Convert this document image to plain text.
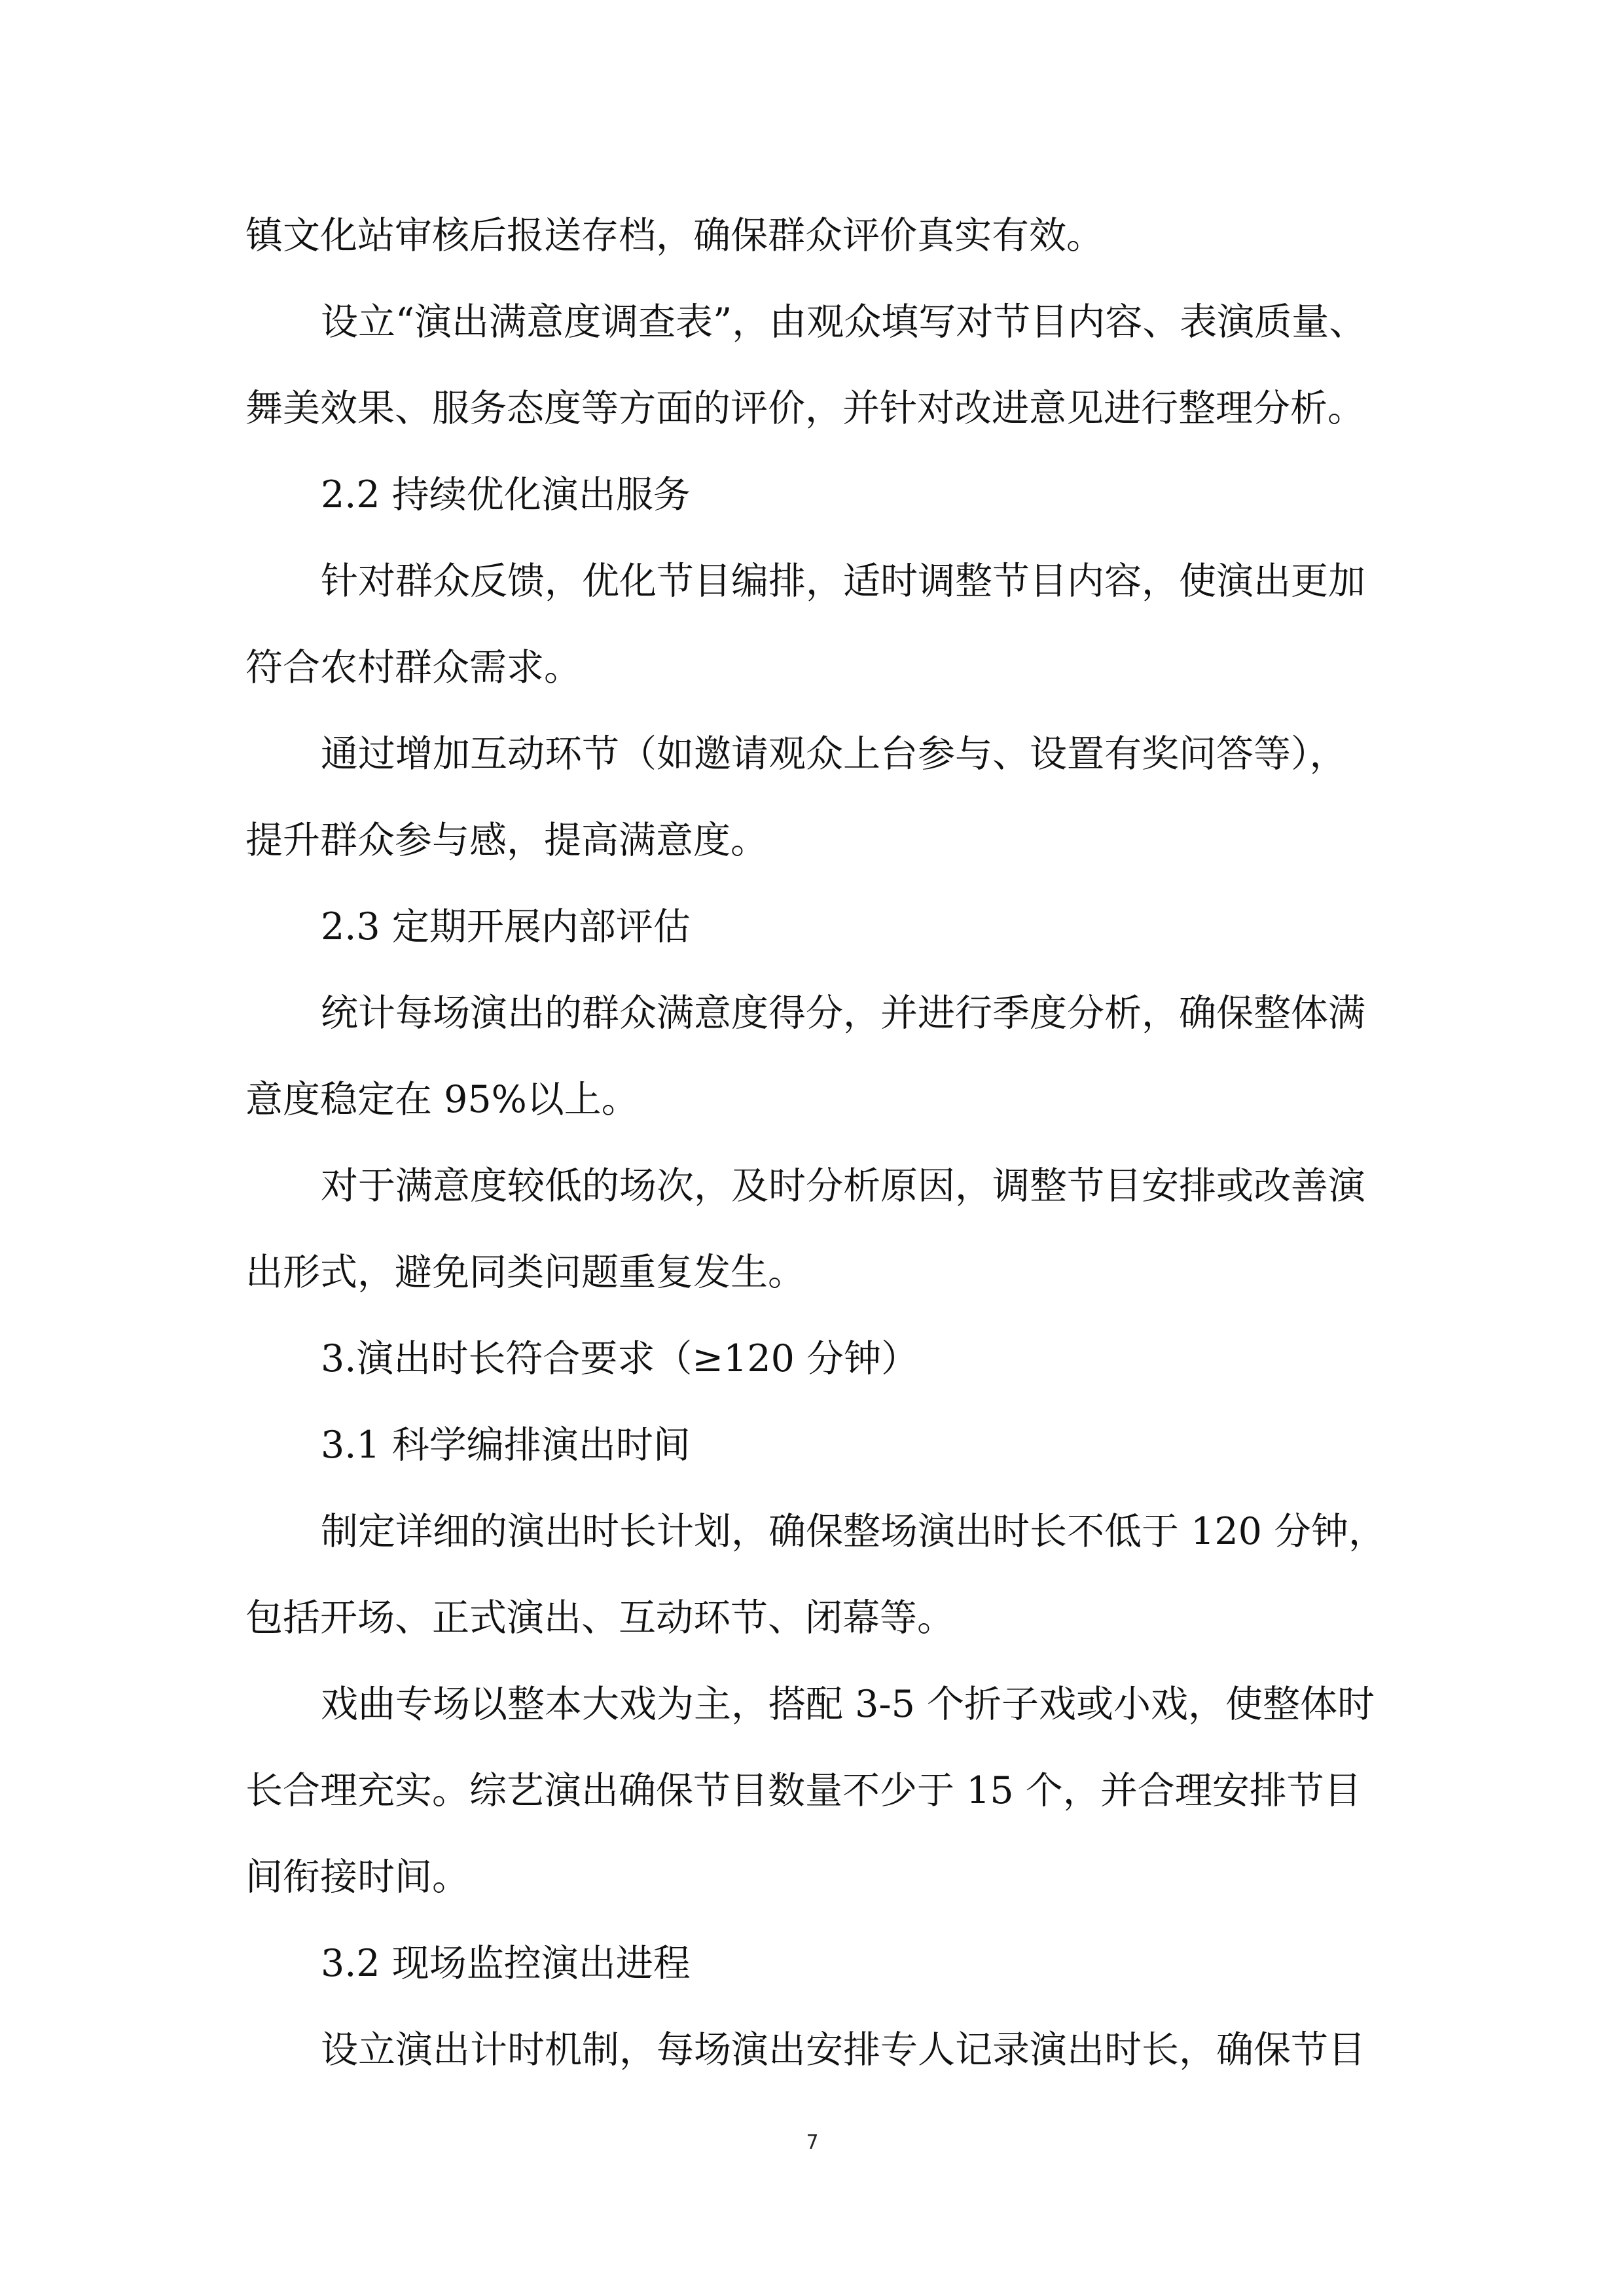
镇文化站审核后报送存档，确保群众评价真实有效。

设立“演出满意度调查表”，由观众填写对节目内容、表演质量、

舞美效果、服务态度等方面的评价，并针对改进意见进行整理分析。

2.2 持续优化演出服务

针对群众反馈，优化节目编排，适时调整节目内容，使演出更加

符合农村群众需求。

通过增加互动环节（如邀请观众上台参与、设置有奖问答等），

提升群众参与感，提高满意度。

2.3 定期开展内部评估

统计每场演出的群众满意度得分，并进行季度分析，确保整体满

意度稳定在 95%以上。

对于满意度较低的场次，及时分析原因，调整节目安排或改善演

出形式，避免同类问题重复发生。

3.演出时长符合要求（≥120 分钟）

3.1 科学编排演出时间

制定详细的演出时长计划，确保整场演出时长不低于 120 分钟，

包括开场、正式演出、互动环节、闭幕等。

戏曲专场以整本大戏为主，搭配 3-5 个折子戏或小戏，使整体时

长合理充实。综艺演出确保节目数量不少于 15 个，并合理安排节目

间衔接时间。

3.2 现场监控演出进程

设立演出计时机制，每场演出安排专人记录演出时长，确保节目

7
